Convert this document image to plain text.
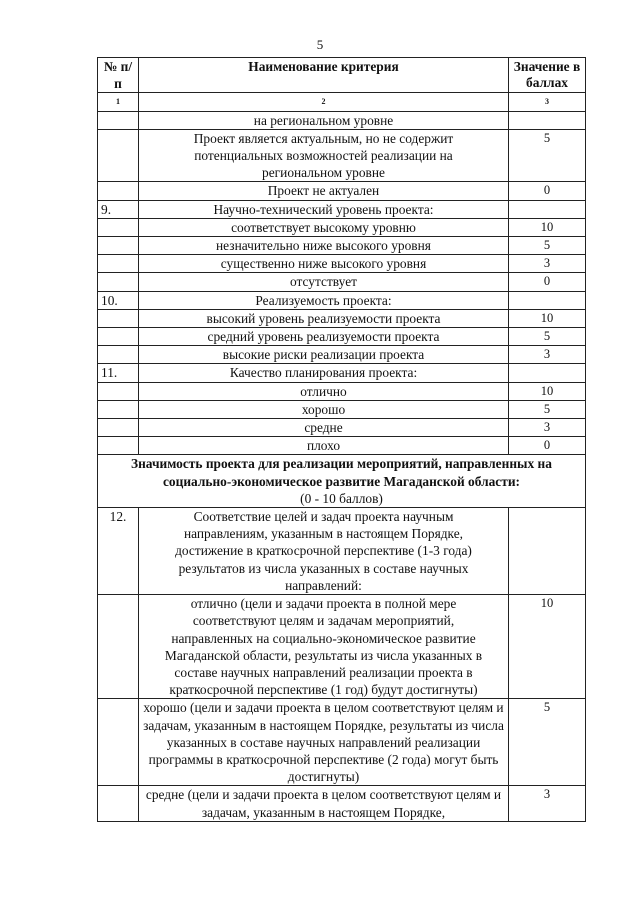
5
№ п/п	Наименование критерия	Значение в баллах
1	2	3
	на региональном уровне	
	Проект является актуальным, но не содержит потенциальных возможностей реализации на региональном уровне	5
	Проект не актуален	0
9.	Научно-технический уровень проекта:	
	соответствует высокому уровню	10
	незначительно ниже высокого уровня	5
	существенно ниже высокого уровня	3
	отсутствует	0
10.	Реализуемость проекта:	
	высокий уровень реализуемости проекта	10
	средний уровень реализуемости проекта	5
	высокие риски реализации проекта	3
11.	Качество планирования проекта:	
	отлично	10
	хорошо	5
	средне	3
	плохо	0

Значимость проекта для реализации мероприятий, направленных на социально-экономическое развитие Магаданской области:
(0 - 10 баллов)		

12.	Соответствие целей и задач проекта научным направлениям, указанным в настоящем Порядке, достижение в краткосрочной перспективе (1-3 года) результатов из числа указанных в составе научных направлений:	
	отлично (цели и задачи проекта в полной мере соответствуют целям и задачам мероприятий, направленных на социально-экономическое развитие Магаданской области, результаты из числа указанных в составе научных направлений реализации проекта в краткосрочной перспективе (1 год) будут достигнуты)	10
	хорошо (цели и задачи проекта в целом соответствуют целям и задачам, указанным в настоящем Порядке, результаты из числа указанных в составе научных направлений реализации программы в краткосрочной перспективе (2 года) могут быть достигнуты)	5
	средне (цели и задачи проекта в целом соответствуют целям и задачам, указанным в настоящем Порядке,	3
